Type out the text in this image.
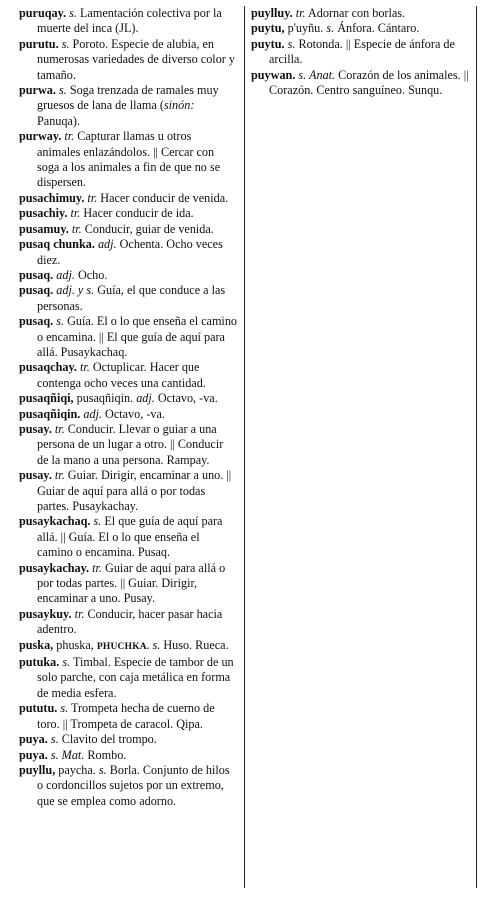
puruqay. s. Lamentación colectiva por la muerte del inca (JL).

purutu. s. Poroto. Especie de alubia, en numerosas variedades de diverso color y tamaño.

purwa. s. Soga trenzada de ramales muy gruesos de lana de llama (sinón: Panuqa).

purway. tr. Capturar llamas u otros animales enlazándolos. || Cercar con soga a los animales a fin de que no se dispersen.

pusachimuy. tr. Hacer conducir de venida.

pusachiy. tr. Hacer conducir de ida.

pusamuy. tr. Conducir, guiar de venida.

pusaq chunka. adj. Ochenta. Ocho veces diez.

pusaq. adj. Ocho.

pusaq. adj. y s. Guía, el que conduce a las personas.

pusaq. s. Guía. El o lo que enseña el camino o encamina. || El que guía de aquí para allá. Pusaykachaq.

pusaqchay. tr. Octuplicar. Hacer que contenga ocho veces una cantidad.

pusaqñiqi, pusaqñiqin. adj. Octavo, -va.

pusaqñiqin. adj. Octavo, -va.

pusay. tr. Conducir. Llevar o guiar a una persona de un lugar a otro. || Conducir de la mano a una persona. Rampay.

pusay. tr. Guiar. Dirigir, encaminar a uno. || Guiar de aquí para allá o por todas partes. Pusaykachay.

pusaykachaq. s. El que guía de aquí para allá. || Guía. El o lo que enseña el camino o encamina. Pusaq.

pusaykachay. tr. Guiar de aquí para allá o por todas partes. || Guiar. Dirigir, encaminar a uno. Pusay.

pusaykuy. tr. Conducir, hacer pasar hacia adentro.

puska, phuska, PHUCHKA. s. Huso. Rueca.

putuka. s. Timbal. Especie de tambor de un solo parche, con caja metálica en forma de media esfera.

pututu. s. Trompeta hecha de cuerno de toro. || Trompeta de caracol. Qipa.

puya. s. Clavito del trompo.

puya. s. Mat. Rombo.

puyllu, paycha. s. Borla. Conjunto de hilos o cordoncillos sujetos por un extremo, que se emplea como adorno.

puylluy. tr. Adornar con borlas.

puytu, p'uyñu. s. Ánfora. Cántaro.

puytu. s. Rotonda. || Especie de ánfora de arcilla.

puywan. s. Anat. Corazón de los animales. || Corazón. Centro sanguíneo. Sunqu.
